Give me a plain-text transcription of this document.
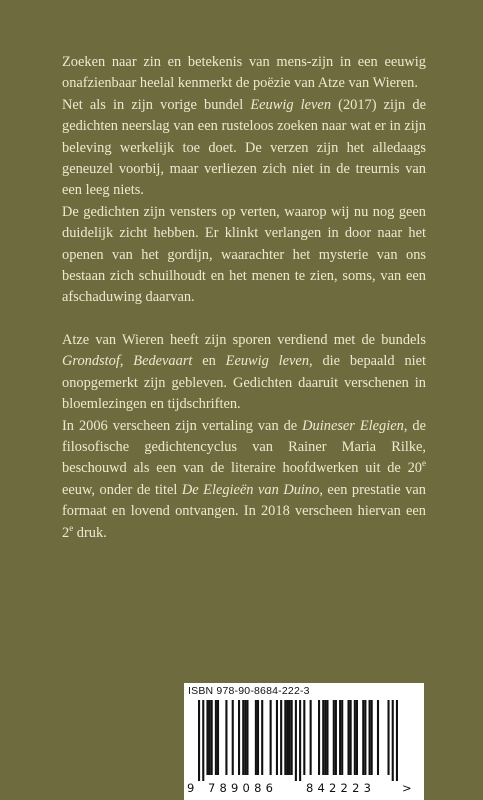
Zoeken naar zin en betekenis van mens-zijn in een eeuwig onafzienbaar heelal kenmerkt de poëzie van Atze van Wieren.

Net als in zijn vorige bundel Eeuwig leven (2017) zijn de gedichten neerslag van een rusteloos zoeken naar wat er in zijn beleving werkelijk toe doet. De verzen zijn het alledaags geneuzel voorbij, maar verliezen zich niet in de treurnis van een leeg niets.

De gedichten zijn vensters op verten, waarop wij nu nog geen duidelijk zicht hebben. Er klinkt verlangen in door naar het openen van het gordijn, waarachter het mysterie van ons bestaan zich schuilhoudt en het menen te zien, soms, van een afschaduwing daarvan.

Atze van Wieren heeft zijn sporen verdiend met de bundels Grondstof, Bedevaart en Eeuwig leven, die bepaald niet onopgemerkt zijn gebleven. Gedichten daaruit verschenen in bloemlezingen en tijdschriften.

In 2006 verscheen zijn vertaling van de Duineser Elegien, de filosofische gedichtencyclus van Rainer Maria Rilke, beschouwd als een van de literaire hoofdwerken uit de 20e eeuw, onder de titel De Elegieën van Duino, een prestatie van formaat en lovend ontvangen. In 2018 verscheen hiervan een 2e druk.

ISBN 978-90-8684-222-3
9 789086	842223 >
